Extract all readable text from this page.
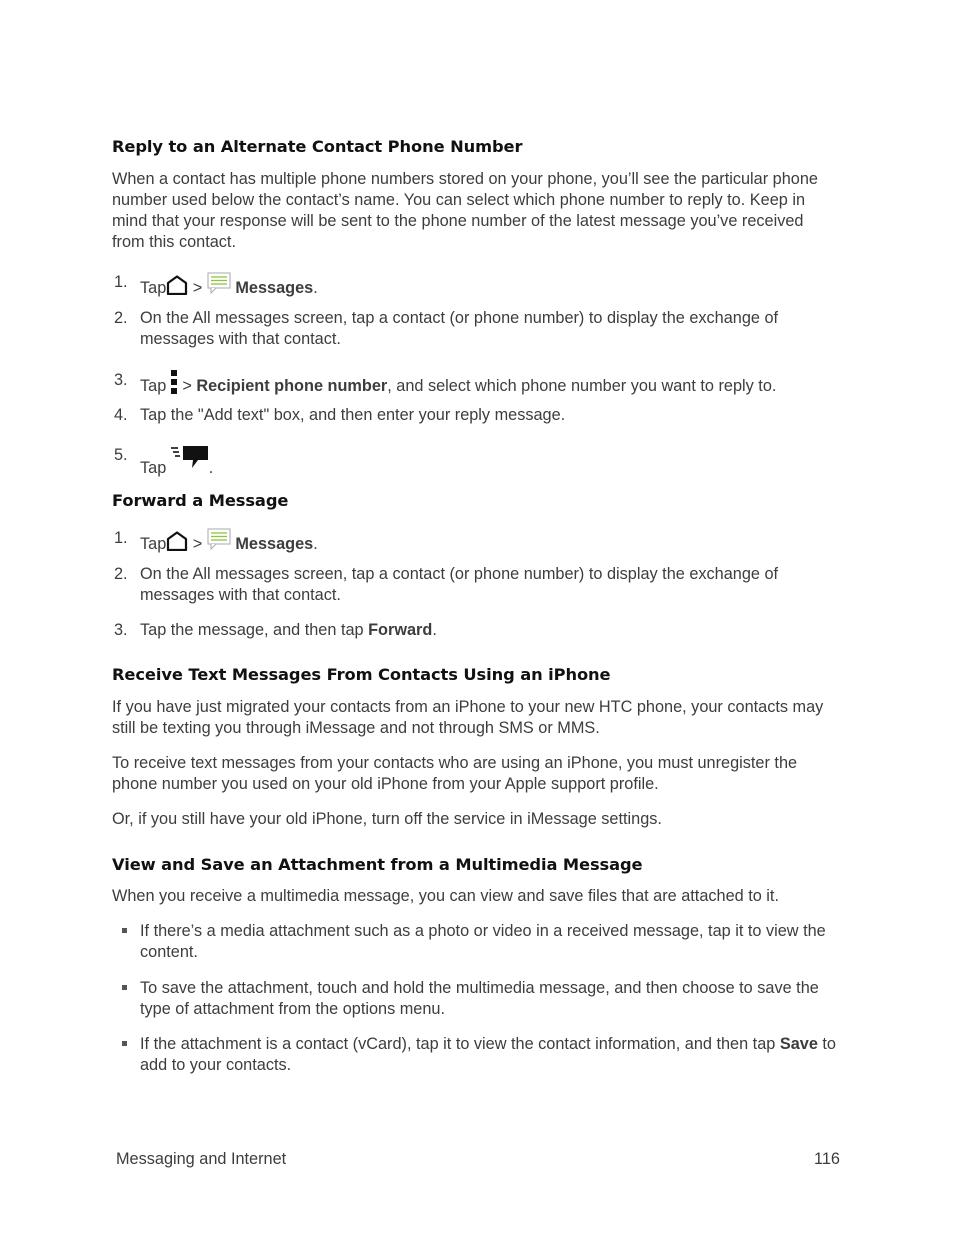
Reply to an Alternate Contact Phone Number

When a contact has multiple phone numbers stored on your phone, you’ll see the particular phone number used below the contact’s name. You can select which phone number to reply to. Keep in mind that your response will be sent to the phone number of the latest message you’ve received from this contact.

1. Tap > Messages.
2. On the All messages screen, tap a contact (or phone number) to display the exchange of messages with that contact.
3. Tap > Recipient phone number, and select which phone number you want to reply to.
4. Tap the "Add text" box, and then enter your reply message.
5.
Tap	.
Forward a Message
1. Tap > Messages.
2. On the All messages screen, tap a contact (or phone number) to display the exchange of messages with that contact.
3. Tap the message, and then tap Forward.
Receive Text Messages From Contacts Using an iPhone

If you have just migrated your contacts from an iPhone to your new HTC phone, your contacts may still be texting you through iMessage and not through SMS or MMS.

To receive text messages from your contacts who are using an iPhone, you must unregister the phone number you used on your old iPhone from your Apple support profile.

Or, if you still have your old iPhone, turn off the service in iMessage settings.

View and Save an Attachment from a Multimedia Message

When you receive a multimedia message, you can view and save files that are attached to it.

If there’s a media attachment such as a photo or video in a received message, tap it to view the content.
To save the attachment, touch and hold the multimedia message, and then choose to save the type of attachment from the options menu.
If the attachment is a contact (vCard), tap it to view the contact information, and then tap Save to add to your contacts.
Messaging and Internet	116
